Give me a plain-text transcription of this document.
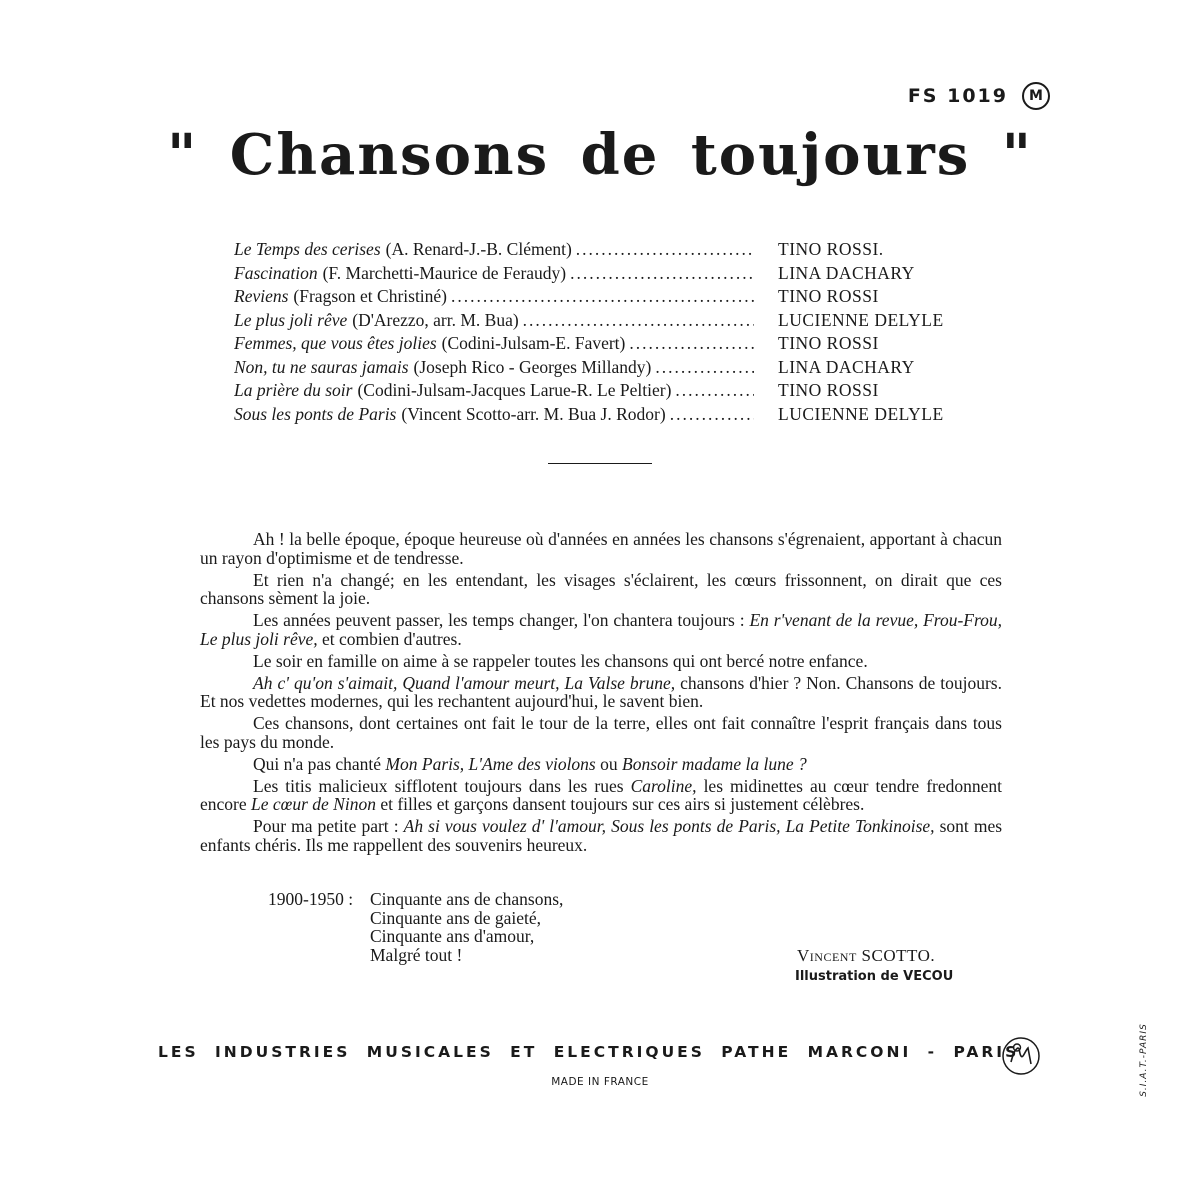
FS 1019 M
" Chansons de toujours "
Le Temps des cerises (A. Renard-J.-B. Clément) .....	TINO ROSSI.
Fascination (F. Marchetti-Maurice de Feraudy) .....	LINA DACHARY
Reviens (Fragson et Christiné) .....	TINO ROSSI
Le plus joli rêve (D'Arezzo, arr. M. Bua) .....	LUCIENNE DELYLE
Femmes, que vous êtes jolies (Codini-Julsam-E. Favert) .....	TINO ROSSI
Non, tu ne sauras jamais (Joseph Rico - Georges Millandy) .....	LINA DACHARY
La prière du soir (Codini-Julsam-Jacques Larue-R. Le Peltier) .....	TINO ROSSI
Sous les ponts de Paris (Vincent Scotto-arr. M. Bua J. Rodor) .....	LUCIENNE DELYLE

Ah ! la belle époque, époque heureuse où d'années en années les chansons s'égrenaient, apportant à chacun un rayon d'optimisme et de tendresse.

Et rien n'a changé; en les entendant, les visages s'éclairent, les cœurs frissonnent, on dirait que ces chansons sèment la joie.

Les années peuvent passer, les temps changer, l'on chantera toujours : En r'venant de la revue, Frou-Frou, Le plus joli rêve, et combien d'autres.

Le soir en famille on aime à se rappeler toutes les chansons qui ont bercé notre enfance.

Ah c' qu'on s'aimait, Quand l'amour meurt, La Valse brune, chansons d'hier ? Non. Chansons de toujours. Et nos vedettes modernes, qui les rechantent aujourd'hui, le savent bien.

Ces chansons, dont certaines ont fait le tour de la terre, elles ont fait connaître l'esprit français dans tous les pays du monde.

Qui n'a pas chanté Mon Paris, L'Ame des violons ou Bonsoir madame la lune ?

Les titis malicieux sifflotent toujours dans les rues Caroline, les midinettes au cœur tendre fredonnent encore Le cœur de Ninon et filles et garçons dansent toujours sur ces airs si justement célèbres.

Pour ma petite part : Ah si vous voulez d' l'amour, Sous les ponts de Paris, La Petite Tonkinoise, sont mes enfants chéris. Ils me rappellent des souvenirs heureux.

1900-1950 : Cinquante ans de chansons,
Cinquante ans de gaieté,
Cinquante ans d'amour,
Malgré tout !	Vincent SCOTTO.
Illustration de VECOU
LES INDUSTRIES MUSICALES ET ELECTRIQUES PATHE MARCONI - PARIS
MADE IN FRANCE	S.I.A.T.-PARIS
